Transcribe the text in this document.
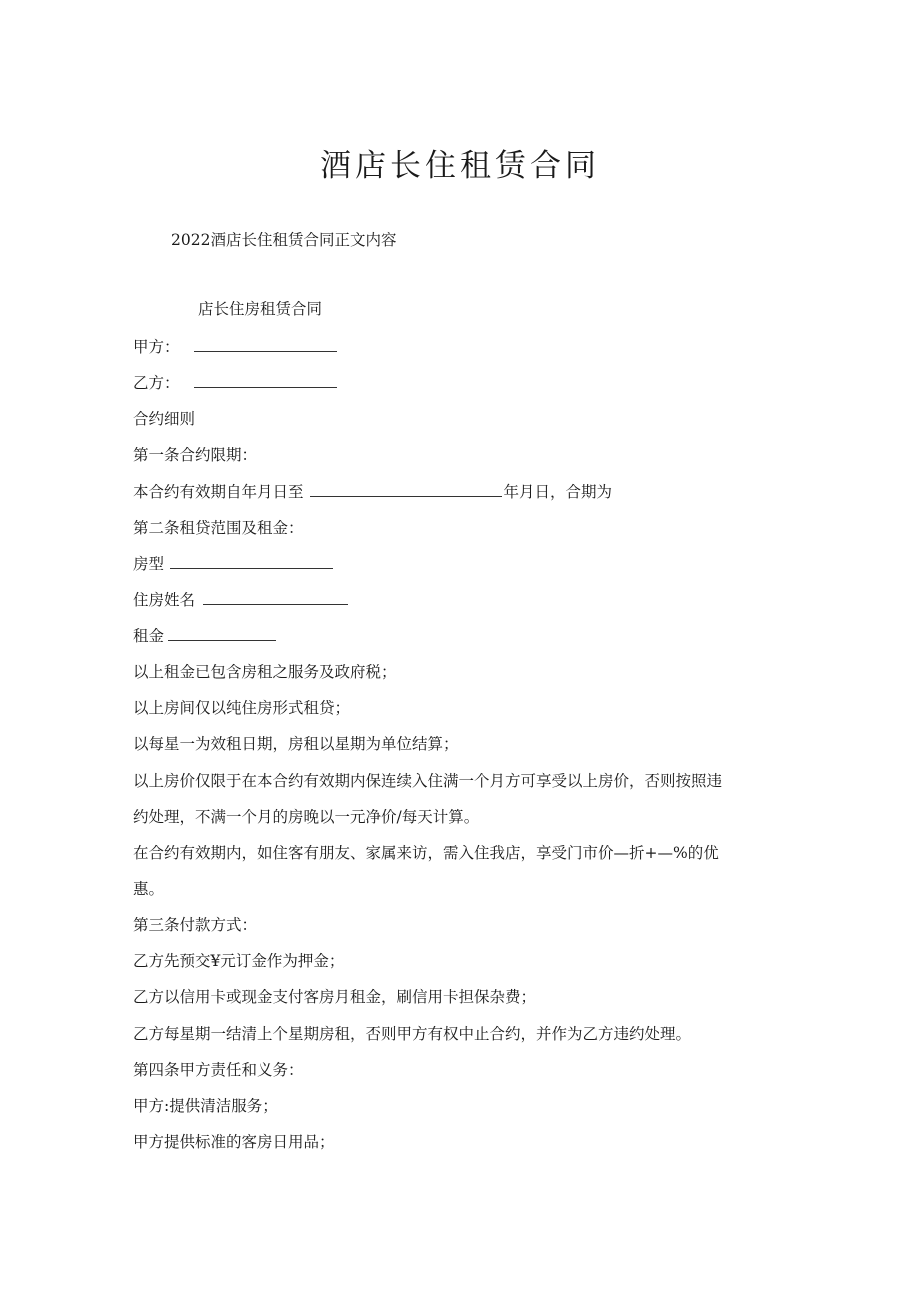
酒店长住租赁合同
2022酒店长住租赁合同正文内容
店长住房租赁合同
甲方：
乙方：
合约细则
第一条合约限期：
本合约有效期自年月日至	年月日，合期为
第二条租贷范围及租金：
房型
住房姓名
租金
以上租金已包含房租之服务及政府税；
以上房间仅以纯住房形式租贷；
以每星一为效租日期，房租以星期为单位结算；
以上房价仅限于在本合约有效期内保连续入住满一个月方可享受以上房价，否则按照违
约处理，不满一个月的房晚以一元净价/每天计算。
在合约有效期内，如住客有朋友、家属来访，需入住我店，享受门市价—折+—%的优
惠。
第三条付款方式：
乙方先预交¥元订金作为押金；
乙方以信用卡或现金支付客房月租金，刷信用卡担保杂费；
乙方每星期一结清上个星期房租，否则甲方有权中止合约，并作为乙方违约处理。
第四条甲方责任和义务：
甲方:提供清洁服务；
甲方提供标准的客房日用品；
